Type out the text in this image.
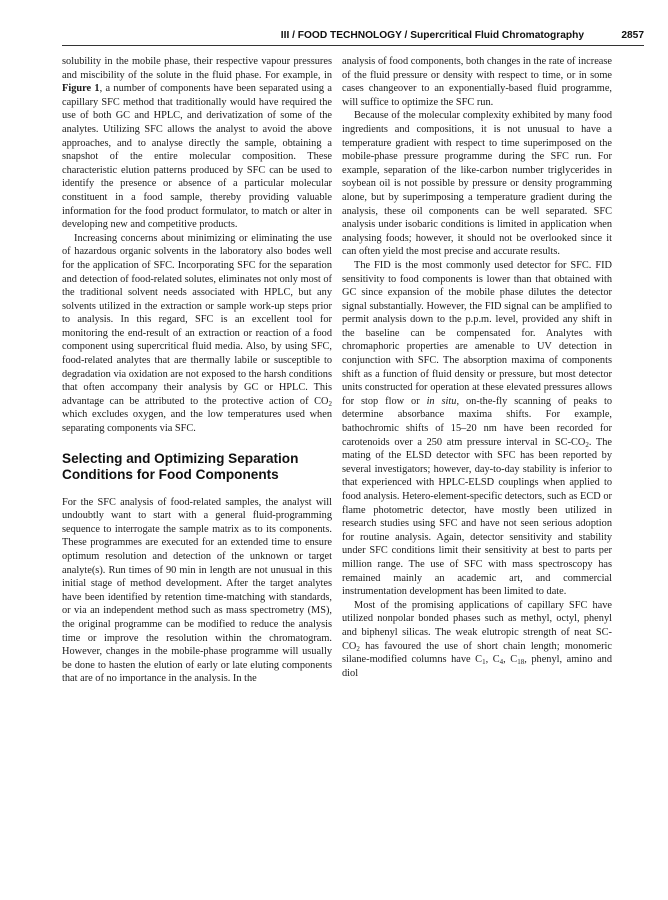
III / FOOD TECHNOLOGY / Supercritical Fluid Chromatography	2857

solubility in the mobile phase, their respective vapour pressures and miscibility of the solute in the fluid phase. For example, in Figure 1, a number of components have been separated using a capillary SFC method that traditionally would have required the use of both GC and HPLC, and derivatization of some of the analytes. Utilizing SFC allows the analyst to avoid the above approaches, and to analyse directly the sample, obtaining a snapshot of the entire molecular composition. These characteristic elution patterns produced by SFC can be used to identify the presence or absence of a particular molecular constituent in a food sample, thereby providing valuable information for the food product formulator, to match or alter in developing new and competitive products.

Increasing concerns about minimizing or eliminating the use of hazardous organic solvents in the laboratory also bodes well for the application of SFC. Incorporating SFC for the separation and detection of food-related solutes, eliminates not only most of the traditional solvent needs associated with HPLC, but any solvents utilized in the extraction or sample work-up steps prior to analysis. In this regard, SFC is an excellent tool for monitoring the end-result of an extraction or reaction of a food component using supercritical fluid media. Also, by using SFC, food-related analytes that are thermally labile or susceptible to degradation via oxidation are not exposed to the harsh conditions that often accompany their analysis by GC or HPLC. This advantage can be attributed to the protective action of $CO_2$ which excludes oxygen, and the low temperatures used when separating components via SFC.

Selecting and Optimizing Separation Conditions for Food Components

For the SFC analysis of food-related samples, the analyst will undoubtly want to start with a general fluid-programming sequence to interrogate the sample matrix as to its components. These programmes are executed for an extended time to ensure optimum resolution and detection of the unknown or target analyte(s). Run times of 90 min in length are not unusual in this initial stage of method development. After the target analytes have been identified by retention time-matching with standards, or via an independent method such as mass spectrometry (MS), the original programme can be modified to reduce the analysis time or improve the resolution within the chromatogram. However, changes in the mobile-phase programme will usually be done to hasten the elution of early or late eluting components that are of no importance in the analysis. In the

analysis of food components, both changes in the rate of increase of the fluid pressure or density with respect to time, or in some cases changeover to an exponentially-based fluid programme, will suffice to optimize the SFC run.

Because of the molecular complexity exhibited by many food ingredients and compositions, it is not unusual to have a temperature gradient with respect to time superimposed on the mobile-phase pressure programme during the SFC run. For example, separation of the like-carbon number triglycerides in soybean oil is not possible by pressure or density programming alone, but by superimposing a temperature gradient during the analysis, these oil components can be well separated. SFC analysis under isobaric conditions is limited in application when analysing foods; however, it should not be overlooked since it can often yield the most precise and accurate results.

The FID is the most commonly used detector for SFC. FID sensitivity to food components is lower than that obtained with GC since expansion of the mobile phase dilutes the detector signal substantially. However, the FID signal can be amplified to permit analysis down to the p.p.m. level, provided any shift in the baseline can be compensated for. Analytes with chromaphoric properties are amenable to UV detection in conjunction with SFC. The absorption maxima of components shift as a function of fluid density or pressure, but most detector units constructed for operation at these elevated pressures allows for stop flow or in situ, on-the-fly scanning of peaks to determine absorbance maxima shifts. For example, bathochromic shifts of 15–20 nm have been recorded for carotenoids over a 250 atm pressure interval in $SC-CO_2$. The mating of the ELSD detector with SFC has been reported by several investigators; however, day-to-day stability is inferior to that experienced with HPLC-ELSD couplings when applied to food analysis. Hetero-element-specific detectors, such as ECD or flame photometric detector, have mostly been utilized in research studies using SFC and have not seen serious adoption for routine analysis. Again, detector sensitivity and stability under SFC conditions limit their sensitivity at best to parts per million range. The use of SFC with mass spectroscopy has remained mainly an academic art, and commercial instrumentation development has been limited to date.

Most of the promising applications of capillary SFC have utilized nonpolar bonded phases such as methyl, octyl, phenyl and biphenyl silicas. The weak elutropic strength of neat $SC-CO_2$ has favoured the use of short chain length; monomeric silane-modified columns have $C_1$, $C_4$, $C_{18}$, phenyl, amino and diol
